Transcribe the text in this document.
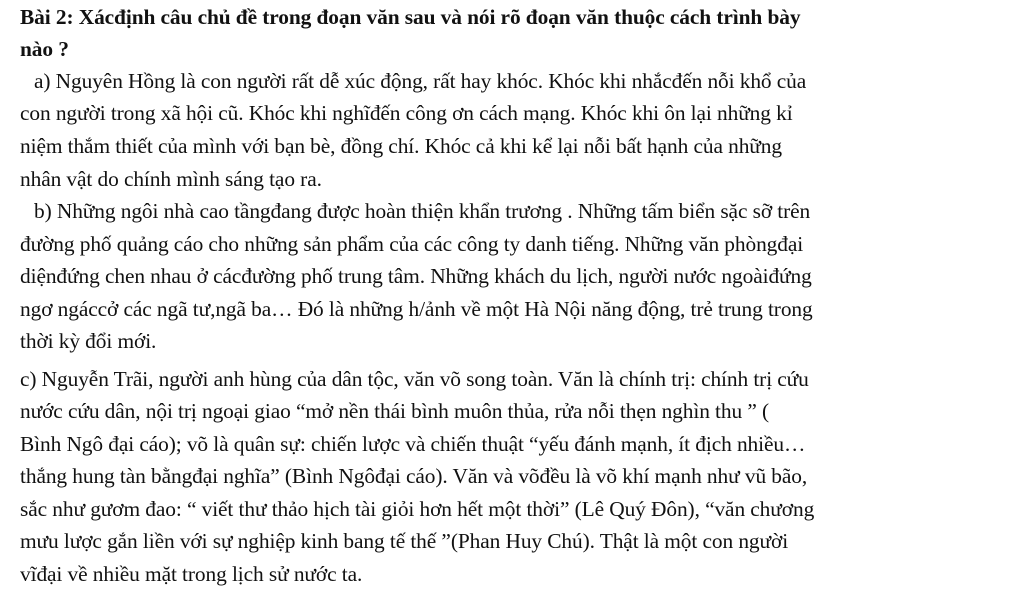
Bài 2: Xácđịnh câu chủ đề trong đoạn văn sau và nói rõ đoạn văn thuộc cách trình bày
nào ?
a) Nguyên Hồng là con người rất dễ xúc động, rất hay khóc. Khóc khi nhắcđến nỗi khổ của
con người trong xã hội cũ. Khóc khi nghĩđến công ơn cách mạng. Khóc khi ôn lại những kỉ
niệm thắm thiết của mình với bạn bè, đồng chí. Khóc cả khi kể lại nỗi bất hạnh của những
nhân vật do chính mình sáng tạo ra.
b) Những ngôi nhà cao tầngđang được hoàn thiện khẩn trương . Những tấm biển sặc sỡ trên
đường phố quảng cáo cho những sản phẩm của các công ty danh tiếng. Những văn phòngđại
diệnđứng chen nhau ở cácđường phố trung tâm. Những khách du lịch, người nước ngoàiđứng
ngơ ngáccở các ngã tư,ngã ba… Đó là những h/ảnh về một Hà Nội năng động, trẻ trung trong
thời kỳ đổi mới.
c) Nguyễn Trãi, người anh hùng của dân tộc, văn võ song toàn. Văn là chính trị: chính trị cứu
nước cứu dân, nội trị ngoại giao “mở nền thái bình muôn thủa, rửa nỗi thẹn nghìn thu ” (
Bình Ngô đại cáo); võ là quân sự: chiến lược và chiến thuật “yếu đánh mạnh, ít địch nhiều…
thắng hung tàn bằngđại nghĩa” (Bình Ngôđại cáo). Văn và võđều là võ khí mạnh như vũ bão,
sắc như gươm đao: “ viết thư thảo hịch tài giỏi hơn hết một thời” (Lê Quý Đôn), “văn chương
mưu lược gắn liền với sự nghiệp kinh bang tế thế ”(Phan Huy Chú). Thật là một con người
vĩđại về nhiều mặt trong lịch sử nước ta.
